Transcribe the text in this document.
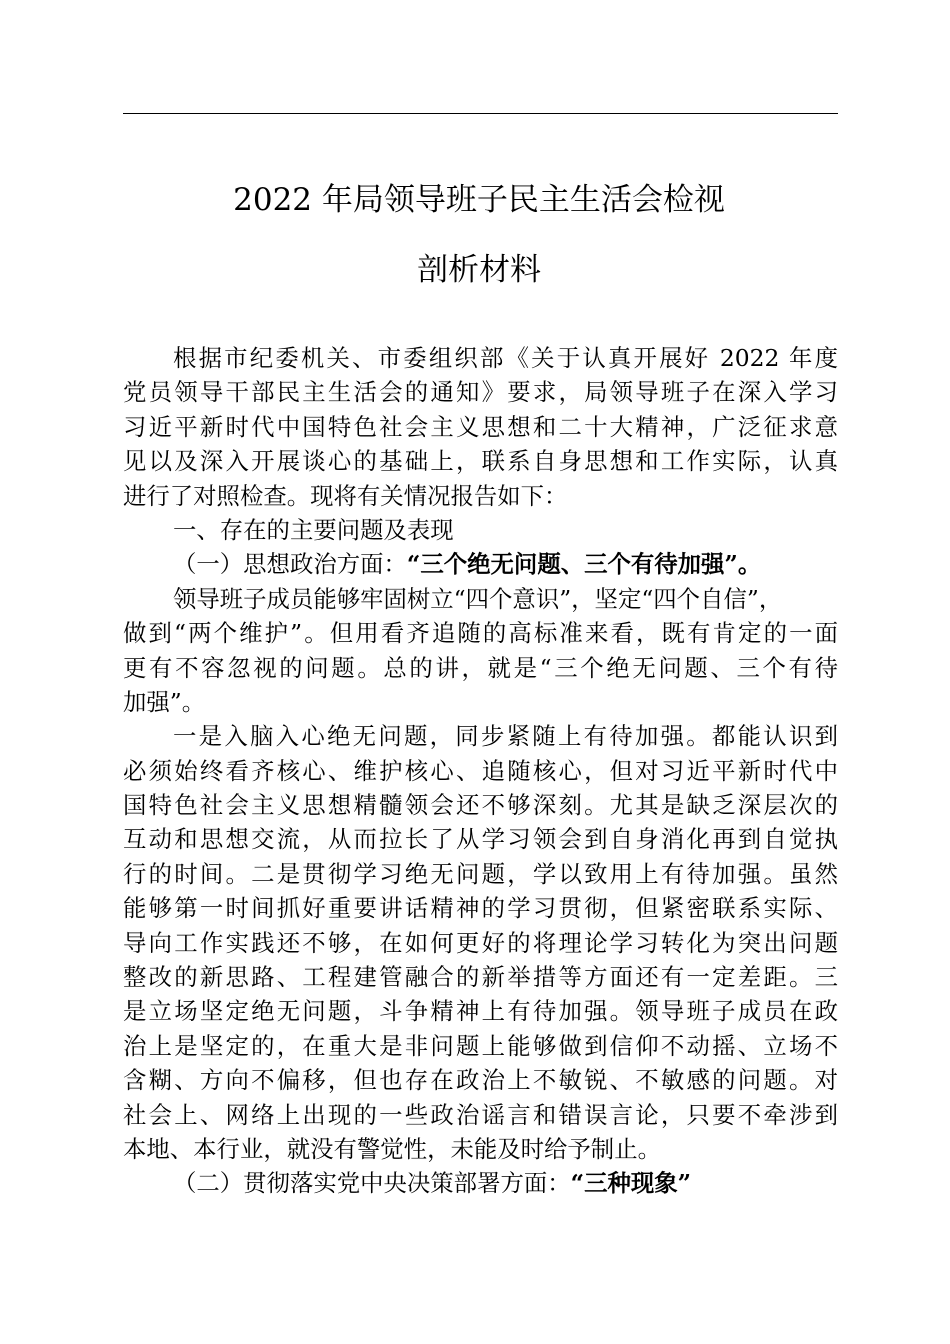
2022 年局领导班子民主生活会检视
剖析材料
根据市纪委机关、市委组织部《关于认真开展好 2022 年度
党员领导干部民主生活会的通知》要求，局领导班子在深入学习
习近平新时代中国特色社会主义思想和二十大精神，广泛征求意
见以及深入开展谈心的基础上，联系自身思想和工作实际，认真
进行了对照检查。现将有关情况报告如下：
一、存在的主要问题及表现
（一）思想政治方面：“三个绝无问题、三个有待加强”。
领导班子成员能够牢固树立“四个意识”，坚定“四个自信”，
做到“两个维护”。但用看齐追随的高标准来看，既有肯定的一面
更有不容忽视的问题。总的讲，就是“三个绝无问题、三个有待
加强”。
一是入脑入心绝无问题，同步紧随上有待加强。都能认识到
必须始终看齐核心、维护核心、追随核心，但对习近平新时代中
国特色社会主义思想精髓领会还不够深刻。尤其是缺乏深层次的
互动和思想交流，从而拉长了从学习领会到自身消化再到自觉执
行的时间。二是贯彻学习绝无问题，学以致用上有待加强。虽然
能够第一时间抓好重要讲话精神的学习贯彻，但紧密联系实际、
导向工作实践还不够，在如何更好的将理论学习转化为突出问题
整改的新思路、工程建管融合的新举措等方面还有一定差距。三
是立场坚定绝无问题，斗争精神上有待加强。领导班子成员在政
治上是坚定的，在重大是非问题上能够做到信仰不动摇、立场不
含糊、方向不偏移，但也存在政治上不敏锐、不敏感的问题。对
社会上、网络上出现的一些政治谣言和错误言论，只要不牵涉到
本地、本行业，就没有警觉性，未能及时给予制止。
（二）贯彻落实党中央决策部署方面：“三种现象”
